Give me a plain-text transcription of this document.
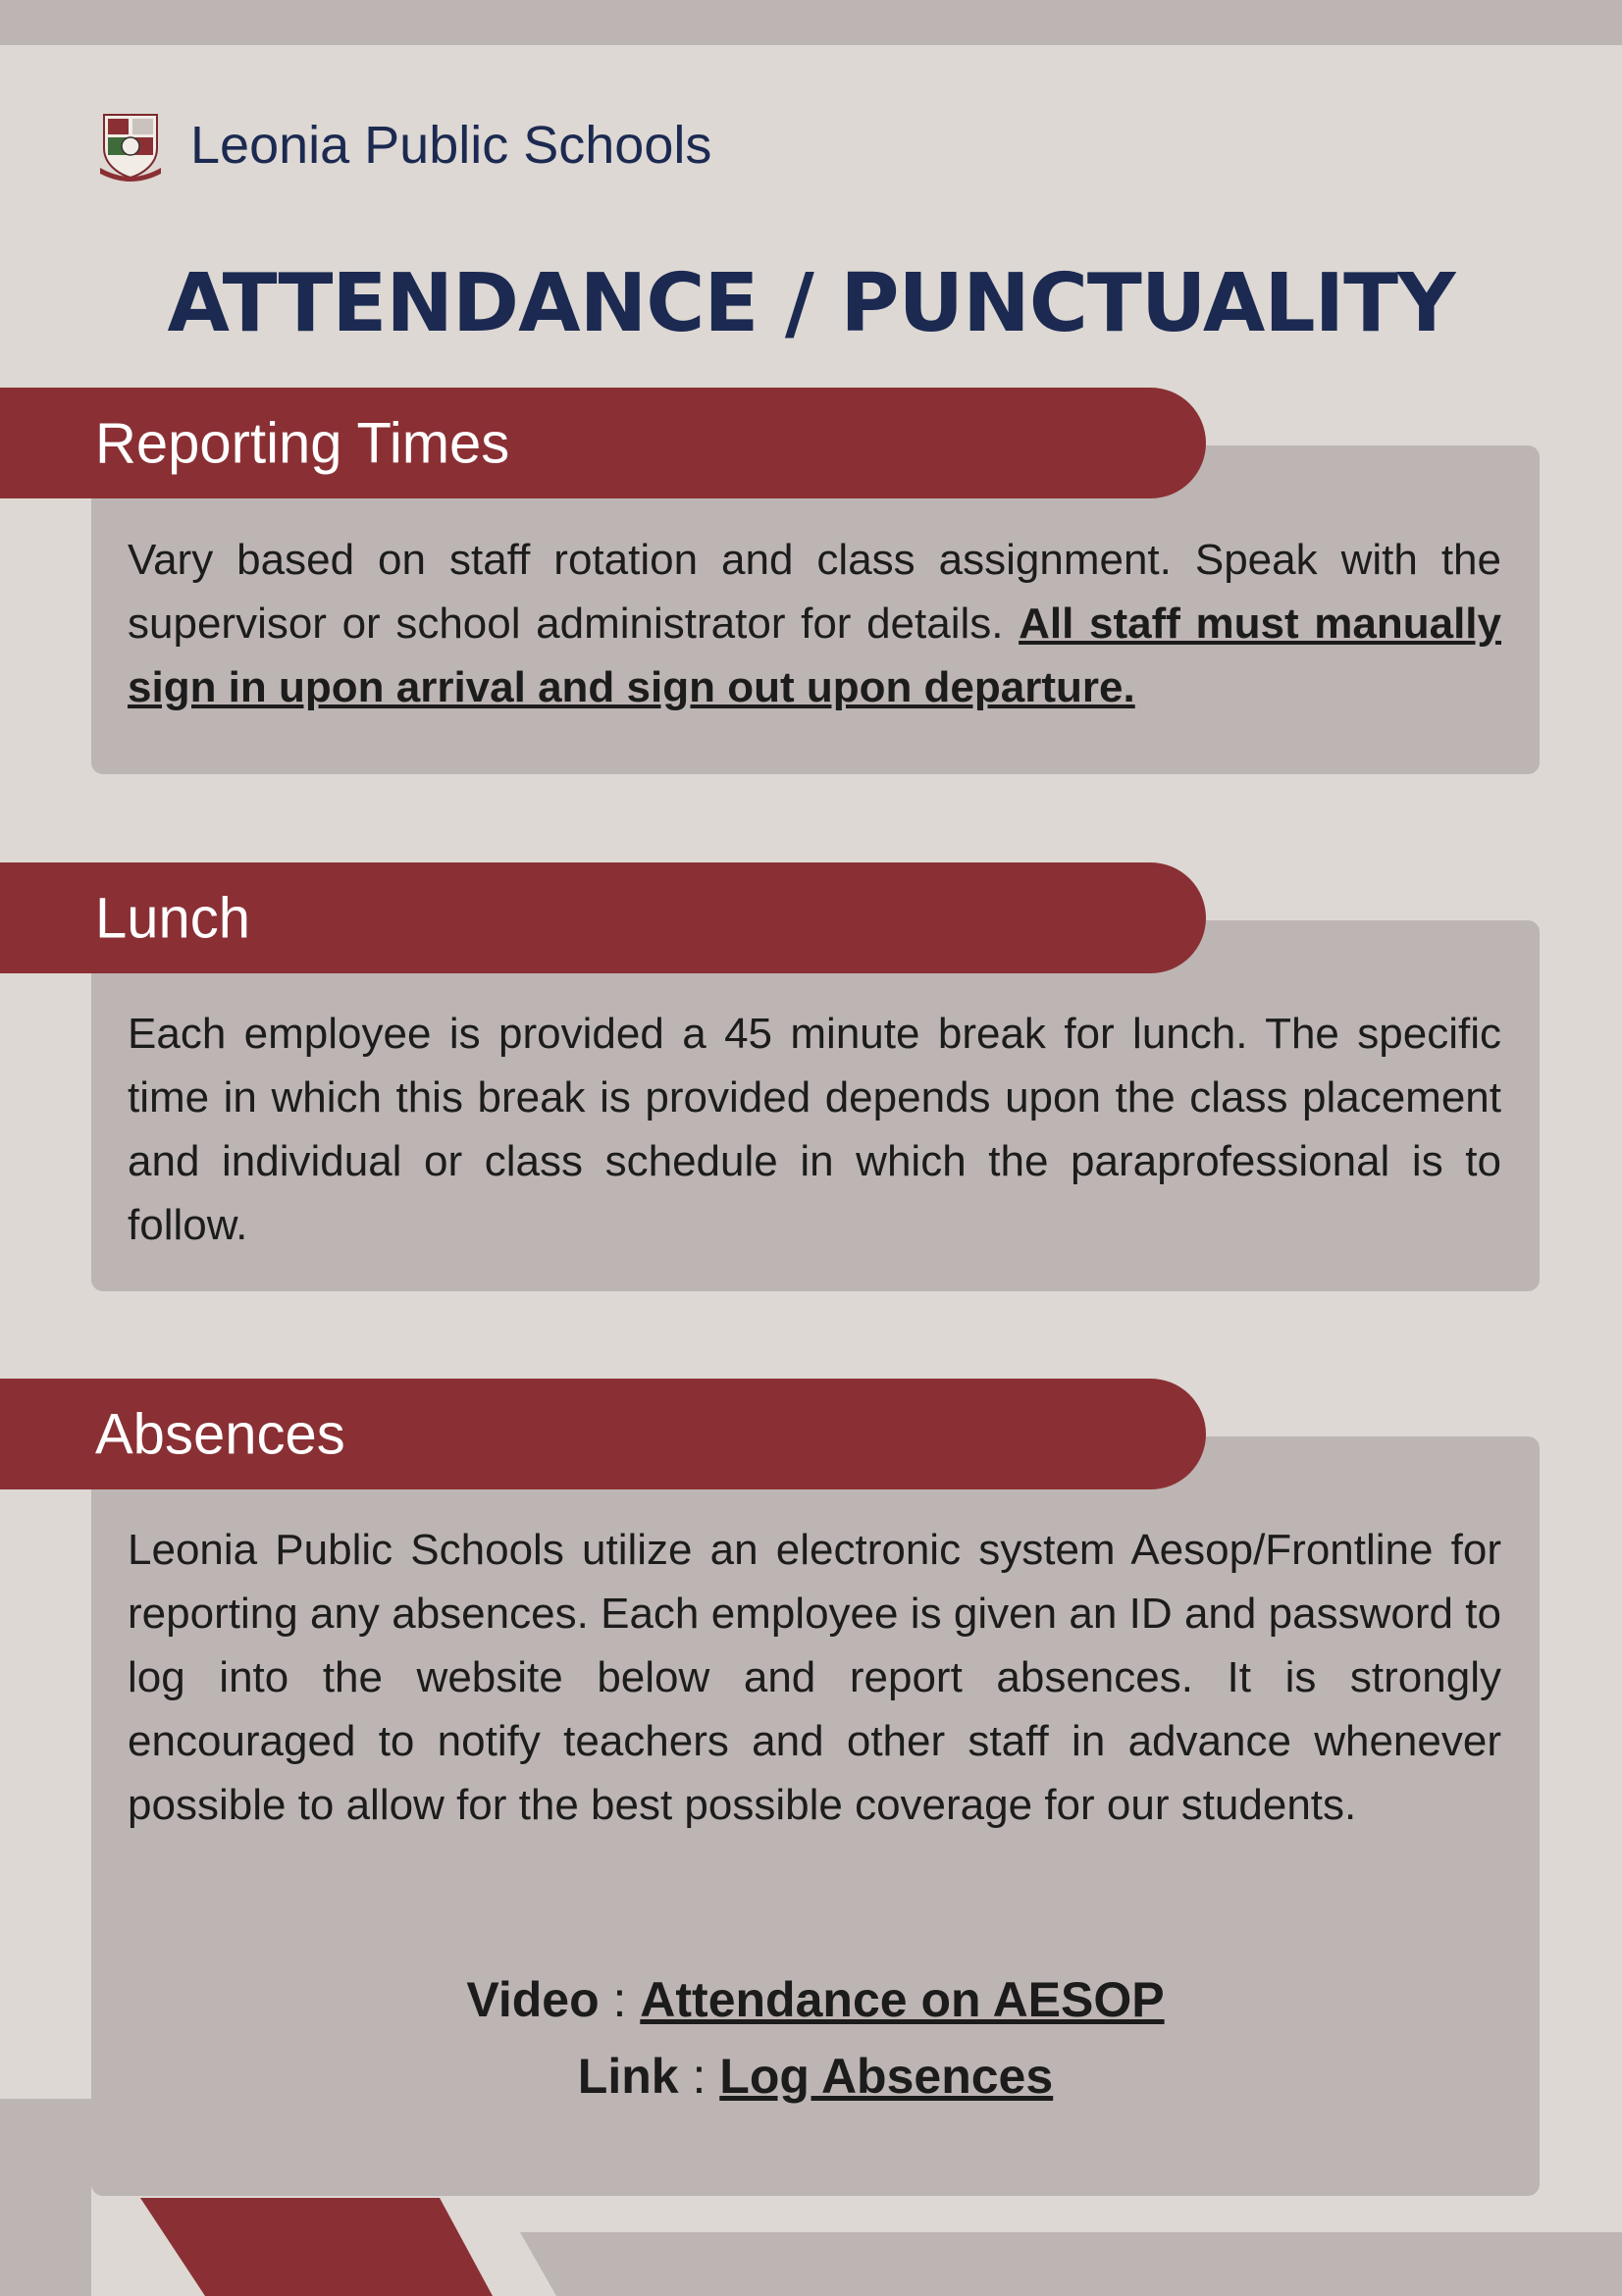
Leonia Public Schools
ATTENDANCE / PUNCTUALITY
Reporting Times
Vary based on staff rotation and class assignment. Speak with the supervisor or school administrator for details. All staff must manually sign in upon arrival and sign out upon departure.
Lunch
Each employee is provided a 45 minute break for lunch. The specific time in which this break is provided depends upon the class placement and individual or class schedule in which the paraprofessional is to follow.
Absences
Leonia Public Schools utilize an electronic system Aesop/Frontline for reporting any absences. Each employee is given an ID and password to log into the website below and report absences. It is strongly encouraged to notify teachers and other staff in advance whenever possible to allow for the best possible coverage for our students.
Video : Attendance on AESOP
Link : Log Absences
